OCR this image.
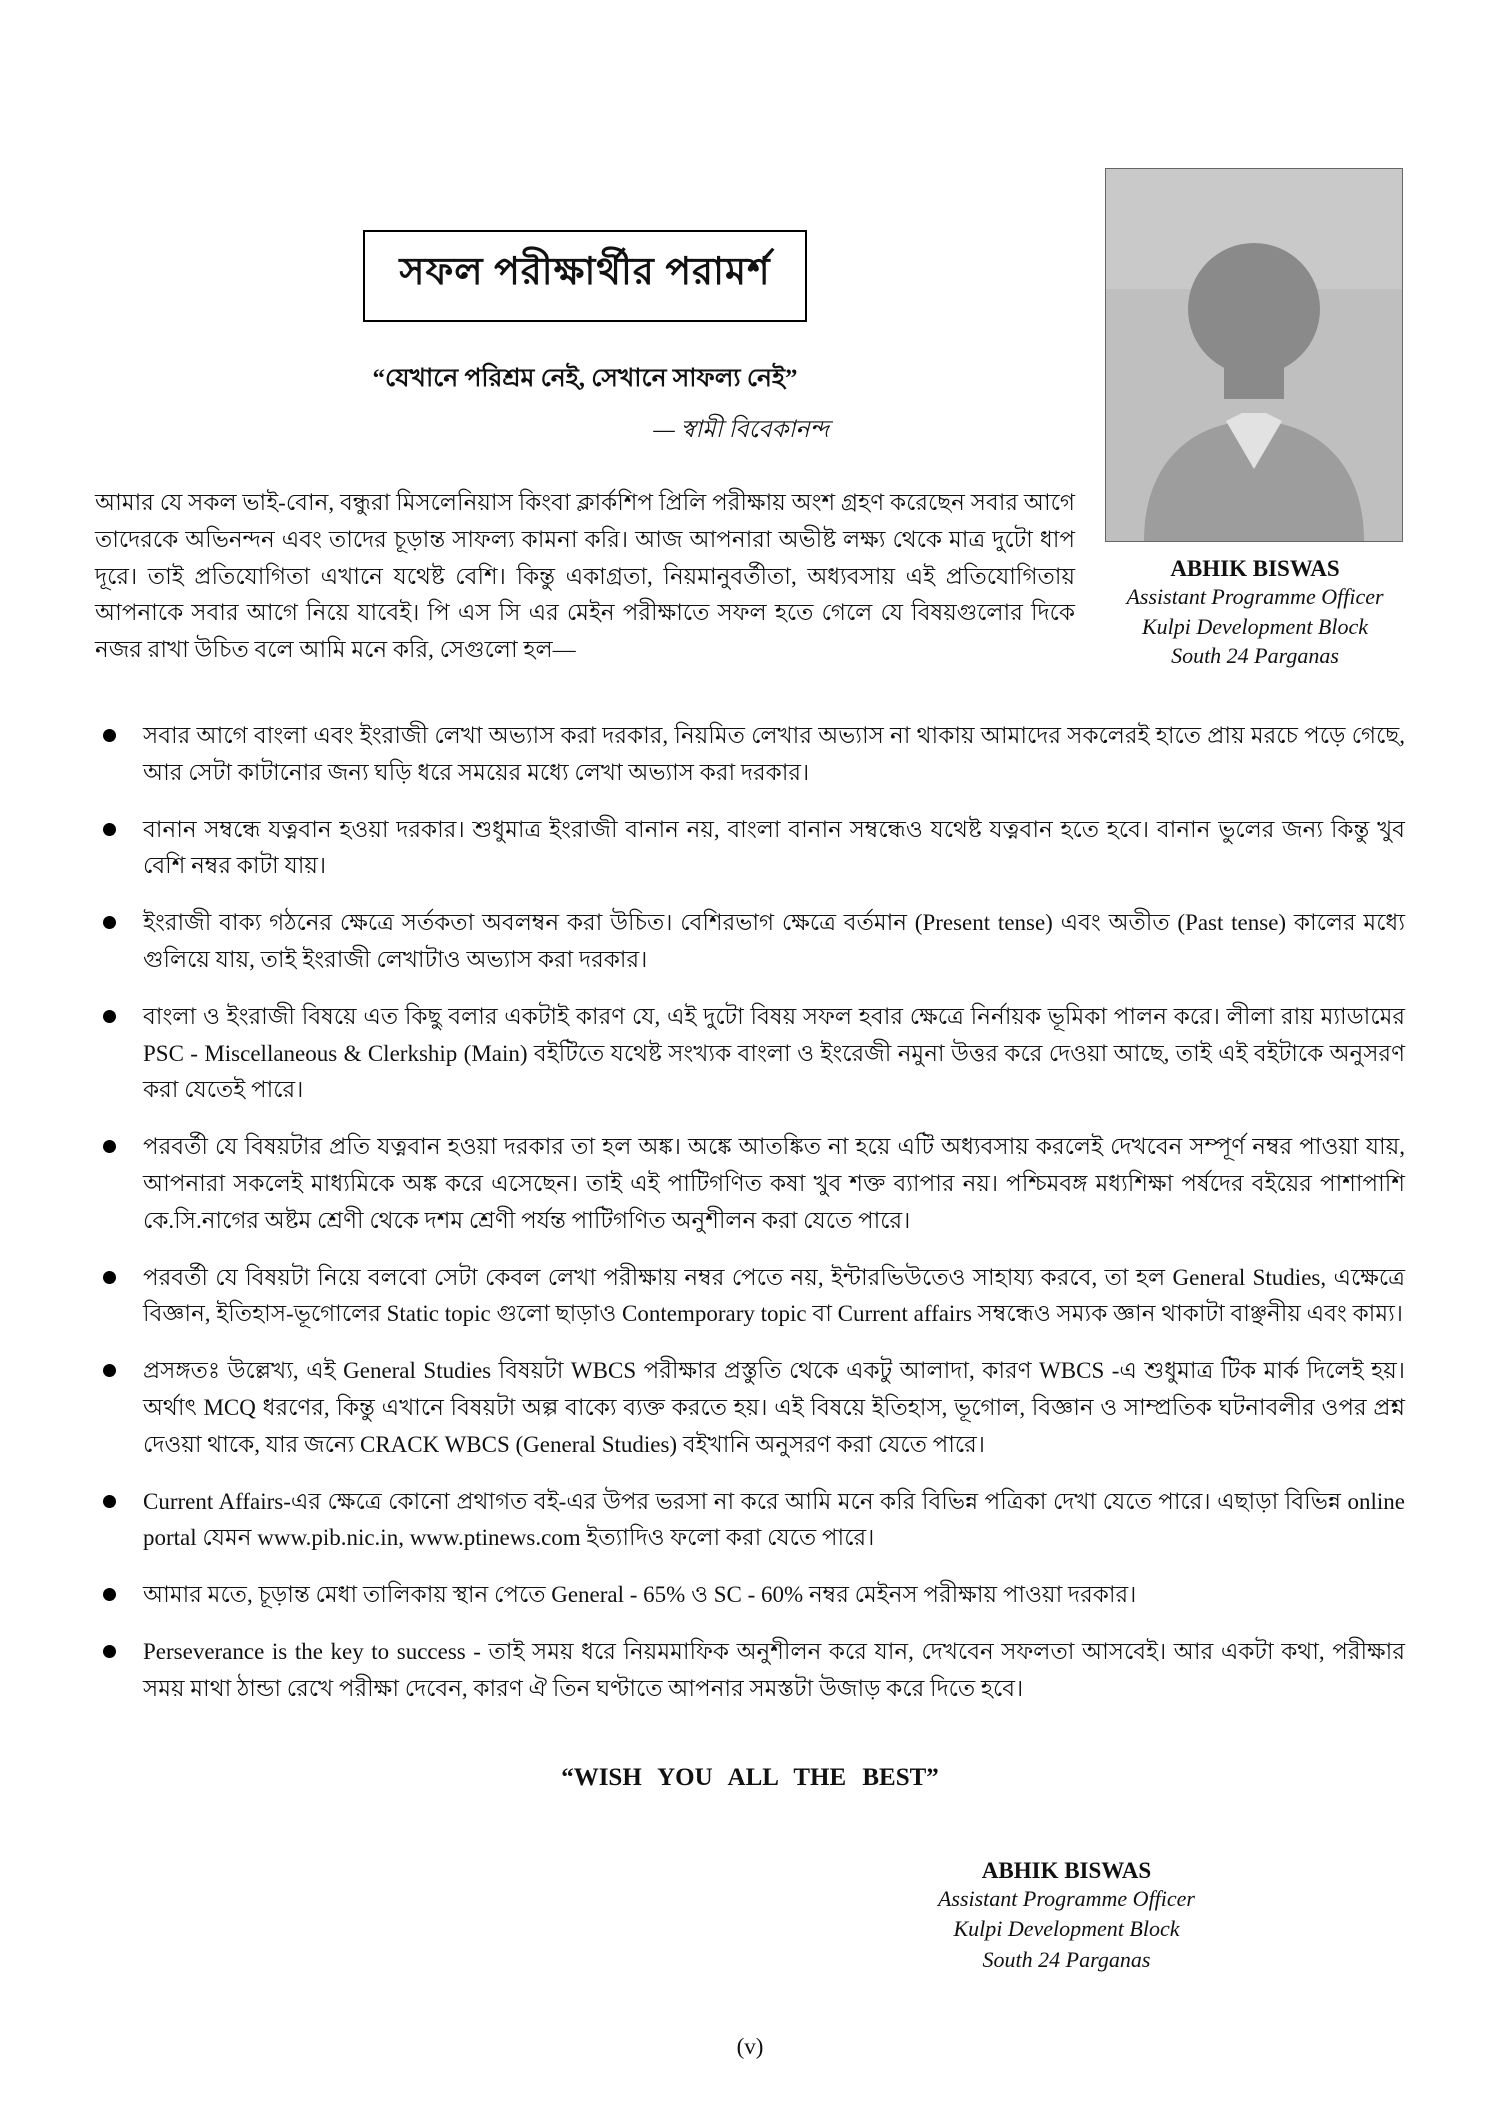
সফল পরীক্ষার্থীর পরামর্শ
“যেখানে পরিশ্রম নেই, সেখানে সাফল্য নেই”
— স্বামী বিবেকানন্দ

আমার যে সকল ভাই-বোন, বন্ধুরা মিসলেনিয়াস কিংবা ক্লার্কশিপ প্রিলি পরীক্ষায় অংশ গ্রহণ করেছেন সবার আগে তাদেরকে অভিনন্দন এবং তাদের চূড়ান্ত সাফল্য কামনা করি। আজ আপনারা অভীষ্ট লক্ষ্য থেকে মাত্র দুটো ধাপ দূরে। তাই প্রতিযোগিতা এখানে যথেষ্ট বেশি। কিন্তু একাগ্রতা, নিয়মানুবর্তীতা, অধ্যবসায় এই প্রতিযোগিতায় আপনাকে সবার আগে নিয়ে যাবেই। পি এস সি এর মেইন পরীক্ষাতে সফল হতে গেলে যে বিষয়গুলোর দিকে নজর রাখা উচিত বলে আমি মনে করি, সেগুলো হল—

ABHIK BISWAS
Assistant Programme Officer
Kulpi Development Block
South 24 Parganas
সবার আগে বাংলা এবং ইংরাজী লেখা অভ্যাস করা দরকার, নিয়মিত লেখার অভ্যাস না থাকায় আমাদের সকলেরই হাতে প্রায় মরচে পড়ে গেছে, আর সেটা কাটানোর জন্য ঘড়ি ধরে সময়ের মধ্যে লেখা অভ্যাস করা দরকার।
বানান সম্বন্ধে যত্নবান হওয়া দরকার। শুধুমাত্র ইংরাজী বানান নয়, বাংলা বানান সম্বন্ধেও যথেষ্ট যত্নবান হতে হবে। বানান ভুলের জন্য কিন্তু খুব বেশি নম্বর কাটা যায়।
ইংরাজী বাক্য গঠনের ক্ষেত্রে সর্তকতা অবলম্বন করা উচিত। বেশিরভাগ ক্ষেত্রে বর্তমান (Present tense) এবং অতীত (Past tense) কালের মধ্যে গুলিয়ে যায়, তাই ইংরাজী লেখাটাও অভ্যাস করা দরকার।
বাংলা ও ইংরাজী বিষয়ে এত কিছু বলার একটাই কারণ যে, এই দুটো বিষয় সফল হবার ক্ষেত্রে নির্নায়ক ভূমিকা পালন করে। লীলা রায় ম্যাডামের PSC - Miscellaneous & Clerkship (Main) বইটিতে যথেষ্ট সংখ্যক বাংলা ও ইংরেজী নমুনা উত্তর করে দেওয়া আছে, তাই এই বইটাকে অনুসরণ করা যেতেই পারে।
পরবর্তী যে বিষয়টার প্রতি যত্নবান হওয়া দরকার তা হল অঙ্ক। অঙ্কে আতঙ্কিত না হয়ে এটি অধ্যবসায় করলেই দেখবেন সম্পূর্ণ নম্বর পাওয়া যায়, আপনারা সকলেই মাধ্যমিকে অঙ্ক করে এসেছেন। তাই এই পাটিগণিত কষা খুব শক্ত ব্যাপার নয়। পশ্চিমবঙ্গ মধ্যশিক্ষা পর্ষদের বইয়ের পাশাপাশি কে.সি.নাগের অষ্টম শ্রেণী থেকে দশম শ্রেণী পর্যন্ত পাটিগণিত অনুশীলন করা যেতে পারে।
পরবর্তী যে বিষয়টা নিয়ে বলবো সেটা কেবল লেখা পরীক্ষায় নম্বর পেতে নয়, ইন্টারভিউতেও সাহায্য করবে, তা হল General Studies, এক্ষেত্রে বিজ্ঞান, ইতিহাস-ভূগোলের Static topic গুলো ছাড়াও Contemporary topic বা Current affairs সম্বন্ধেও সম্যক জ্ঞান থাকাটা বাঞ্ছনীয় এবং কাম্য।
প্রসঙ্গতঃ উল্লেখ্য, এই General Studies বিষয়টা WBCS পরীক্ষার প্রস্তুতি থেকে একটু আলাদা, কারণ WBCS -এ শুধুমাত্র টিক মার্ক দিলেই হয়। অর্থাৎ MCQ ধরণের, কিন্তু এখানে বিষয়টা অল্প বাক্যে ব্যক্ত করতে হয়। এই বিষয়ে ইতিহাস, ভূগোল, বিজ্ঞান ও সাম্প্রতিক ঘটনাবলীর ওপর প্রশ্ন দেওয়া থাকে, যার জন্যে CRACK WBCS (General Studies) বইখানি অনুসরণ করা যেতে পারে।
Current Affairs-এর ক্ষেত্রে কোনো প্রথাগত বই-এর উপর ভরসা না করে আমি মনে করি বিভিন্ন পত্রিকা দেখা যেতে পারে। এছাড়া বিভিন্ন online portal যেমন www.pib.nic.in, www.ptinews.com ইত্যাদিও ফলো করা যেতে পারে।
আমার মতে, চূড়ান্ত মেধা তালিকায় স্থান পেতে General - 65% ও SC - 60% নম্বর মেইনস পরীক্ষায় পাওয়া দরকার।
Perseverance is the key to success - তাই সময় ধরে নিয়মমাফিক অনুশীলন করে যান, দেখবেন সফলতা আসবেই। আর একটা কথা, পরীক্ষার সময় মাথা ঠান্ডা রেখে পরীক্ষা দেবেন, কারণ ঐ তিন ঘণ্টাতে আপনার সমস্তটা উজাড় করে দিতে হবে।
“WISH YOU ALL THE BEST”
ABHIK BISWAS
Assistant Programme Officer
Kulpi Development Block
South 24 Parganas
(v)
